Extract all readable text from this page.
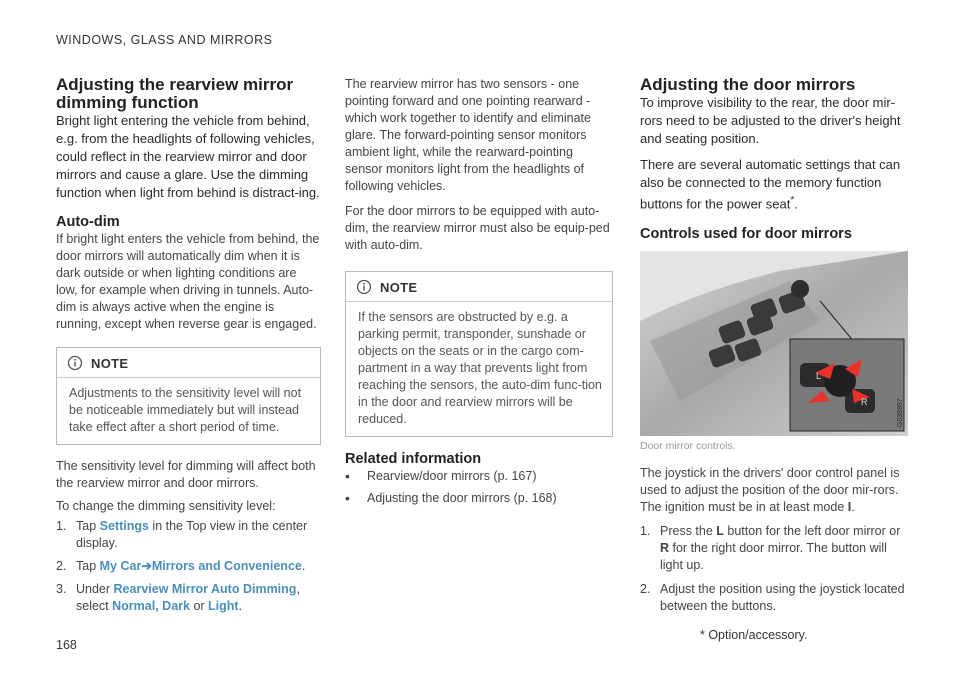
WINDOWS, GLASS AND MIRRORS
Adjusting the rearview mirror
dimming function

Bright light entering the vehicle from behind, e.g. from the headlights of following vehicles, could reflect in the rearview mirror and door mirrors and cause a glare. Use the dimming function when light from behind is distract-ing.

Auto-dim

If bright light enters the vehicle from behind, the door mirrors will automatically dim when it is dark outside or when lighting conditions are low, for example when driving in tunnels. Auto-dim is always active when the engine is running, except when reverse gear is engaged.

NOTE
Adjustments to the sensitivity level will not be noticeable immediately but will instead take effect after a short period of time.

The sensitivity level for dimming will affect both the rearview mirror and door mirrors.

To change the dimming sensitivity level:

1. Tap Settings in the Top view in the center display.
2. Tap My Car➔Mirrors and Convenience.
3. Under Rearview Mirror Auto Dimming,
select Normal, Dark or Light.

The rearview mirror has two sensors - one pointing forward and one pointing rearward - which work together to identify and eliminate glare. The forward-pointing sensor monitors ambient light, while the rearward-pointing sensor monitors light from the headlights of following vehicles.

For the door mirrors to be equipped with auto-dim, the rearview mirror must also be equip-ped with auto-dim.

NOTE
If the sensors are obstructed by e.g. a parking permit, transponder, sunshade or objects on the seats or in the cargo com-partment in a way that prevents light from reaching the sensors, the auto-dim func-tion in the door and rearview mirrors will be reduced.
Related information
•	Rearview/door mirrors (p. 167)
•	Adjusting the door mirrors (p. 168)
Adjusting the door mirrors

To improve visibility to the rear, the door mir-rors need to be adjusted to the driver's height and seating position.

There are several automatic settings that can also be connected to the memory function buttons for the power seat*.

Controls used for door mirrors
L
R	G035957
Door mirror controls.

The joystick in the drivers' door control panel is used to adjust the position of the door mir-rors. The ignition must be in at least mode I.

1. Press the L button for the left door mirror or R for the right door mirror. The button will light up.
2. Adjust the position using the joystick located between the buttons.
168
* Option/accessory.
